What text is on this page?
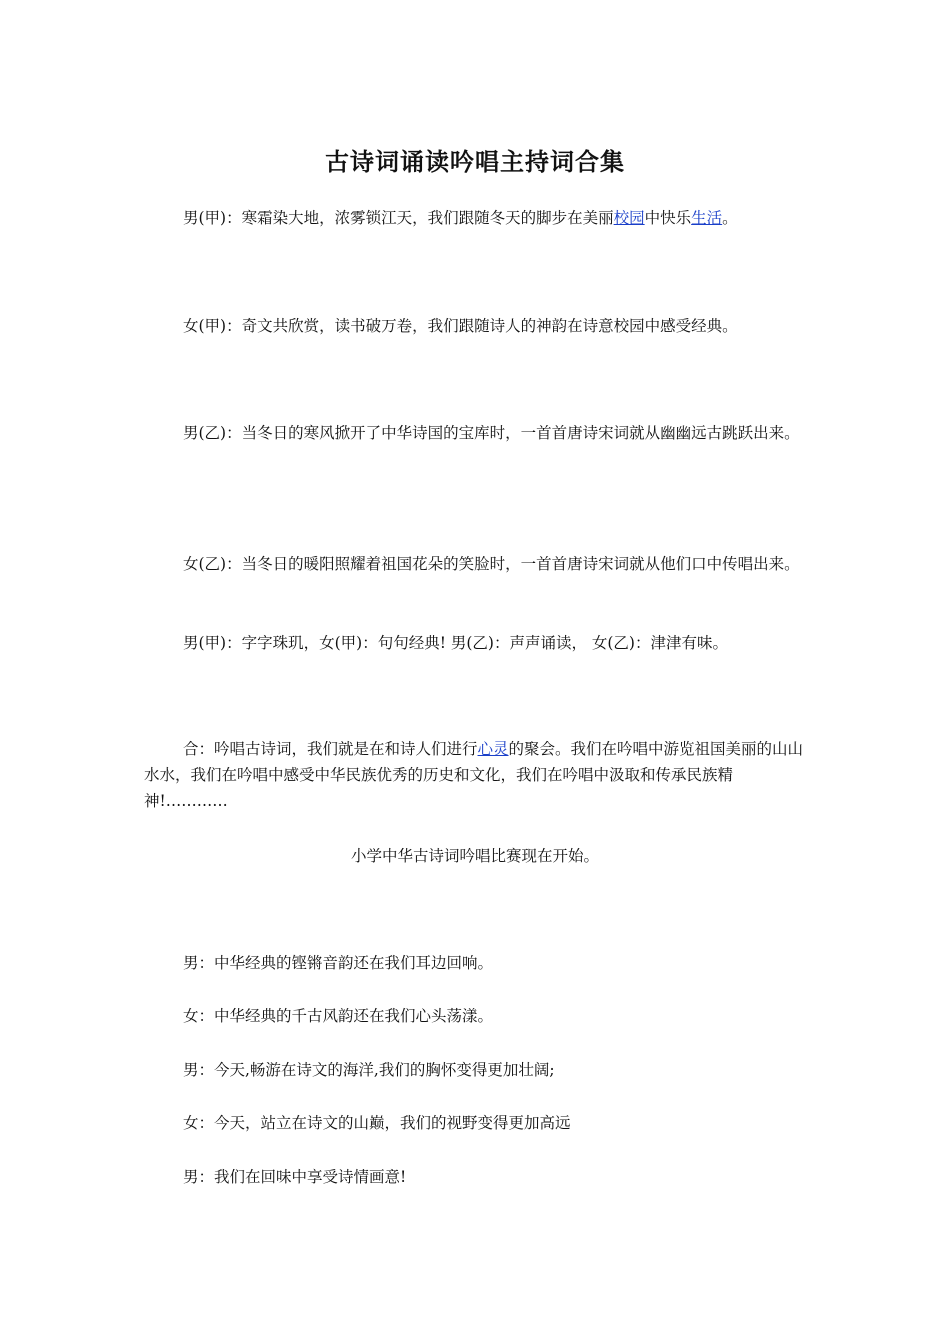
古诗词诵读吟唱主持词合集
男(甲)：寒霜染大地，浓雾锁江天，我们跟随冬天的脚步在美丽校园中快乐生活。
女(甲)：奇文共欣赏，读书破万卷，我们跟随诗人的神韵在诗意校园中感受经典。
男(乙)：当冬日的寒风掀开了中华诗国的宝库时，一首首唐诗宋词就从幽幽远古跳跃出来。
女(乙)：当冬日的暖阳照耀着祖国花朵的笑脸时，一首首唐诗宋词就从他们口中传唱出来。
男(甲)：字字珠玑，女(甲)：句句经典! 男(乙)：声声诵读， 女(乙)：津津有味。
合：吟唱古诗词，我们就是在和诗人们进行心灵的聚会。我们在吟唱中游览祖国美丽的山山水水，我们在吟唱中感受中华民族优秀的历史和文化，我们在吟唱中汲取和传承民族精神!…………
小学中华古诗词吟唱比赛现在开始。
男：中华经典的铿锵音韵还在我们耳边回响。
女：中华经典的千古风韵还在我们心头荡漾。
男：今天,畅游在诗文的海洋,我们的胸怀变得更加壮阔;
女：今天，站立在诗文的山巅，我们的视野变得更加高远
男：我们在回味中享受诗情画意!
